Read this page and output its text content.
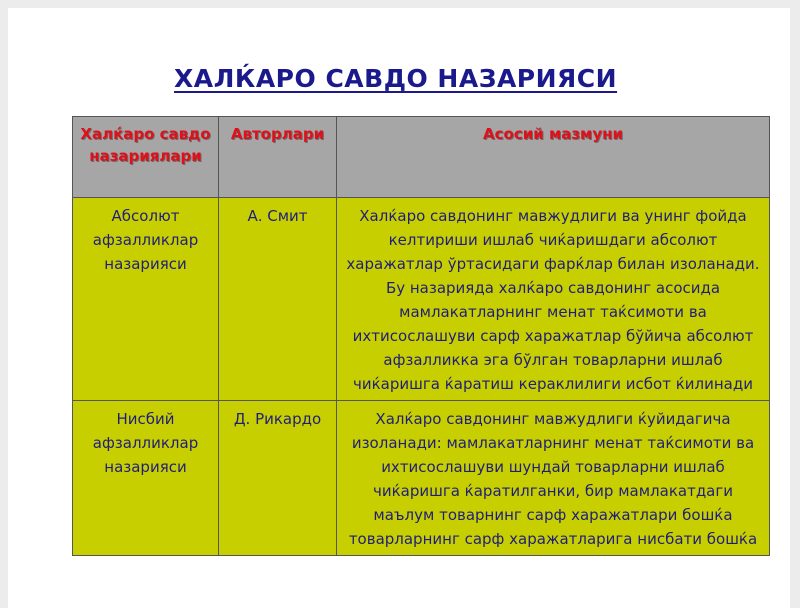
ХАЛЌАРО САВДО НАЗАРИЯСИ
Халќаро савдо назариялари	Авторлари	Асосий мазмуни
Абсолют афзалликлар назарияси	А. Смит	Халќаро савдонинг мавжудлиги ва унинг фойда келтириши ишлаб чиќаришдаги абсолют харажатлар ўртасидаги фарќлар билан изоланади. Бу назарияда халќаро савдонинг асосида мамлакатларнинг менат таќсимоти ва ихтисослашуви сарф харажатлар бўйича абсолют афзалликка эга бўлган товарларни ишлаб чиќаришга ќаратиш кераклилиги исбот ќилинади
Нисбий афзалликлар назарияси	Д. Рикардо	Халќаро савдонинг мавжудлиги ќуйидагича изоланади: мамлакатларнинг менат таќсимоти ва ихтисослашуви шундай товарларни ишлаб чиќаришга ќаратилганки, бир мамлакатдаги маълум товарнинг сарф харажатлари бошќа товарларнинг сарф харажатларига нисбати бошќа
